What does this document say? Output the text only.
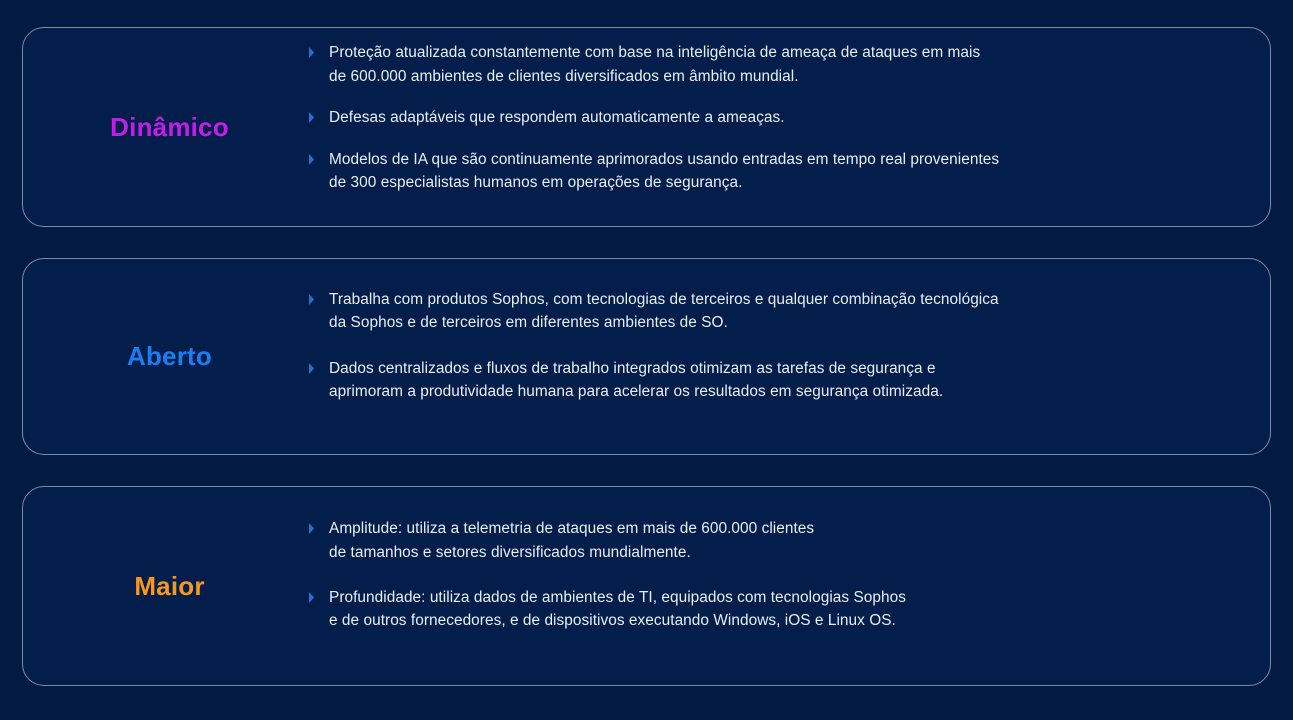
Dinâmico
Proteção atualizada constantemente com base na inteligência de ameaça de ataques em mais
de 600.000 ambientes de clientes diversificados em âmbito mundial.
Defesas adaptáveis que respondem automaticamente a ameaças.
Modelos de IA que são continuamente aprimorados usando entradas em tempo real provenientes
de 300 especialistas humanos em operações de segurança.
Aberto
Trabalha com produtos Sophos, com tecnologias de terceiros e qualquer combinação tecnológica
da Sophos e de terceiros em diferentes ambientes de SO.
Dados centralizados e fluxos de trabalho integrados otimizam as tarefas de segurança e
aprimoram a produtividade humana para acelerar os resultados em segurança otimizada.
Maior
Amplitude: utiliza a telemetria de ataques em mais de 600.000 clientes
de tamanhos e setores diversificados mundialmente.
Profundidade: utiliza dados de ambientes de TI, equipados com tecnologias Sophos
e de outros fornecedores, e de dispositivos executando Windows, iOS e Linux OS.
